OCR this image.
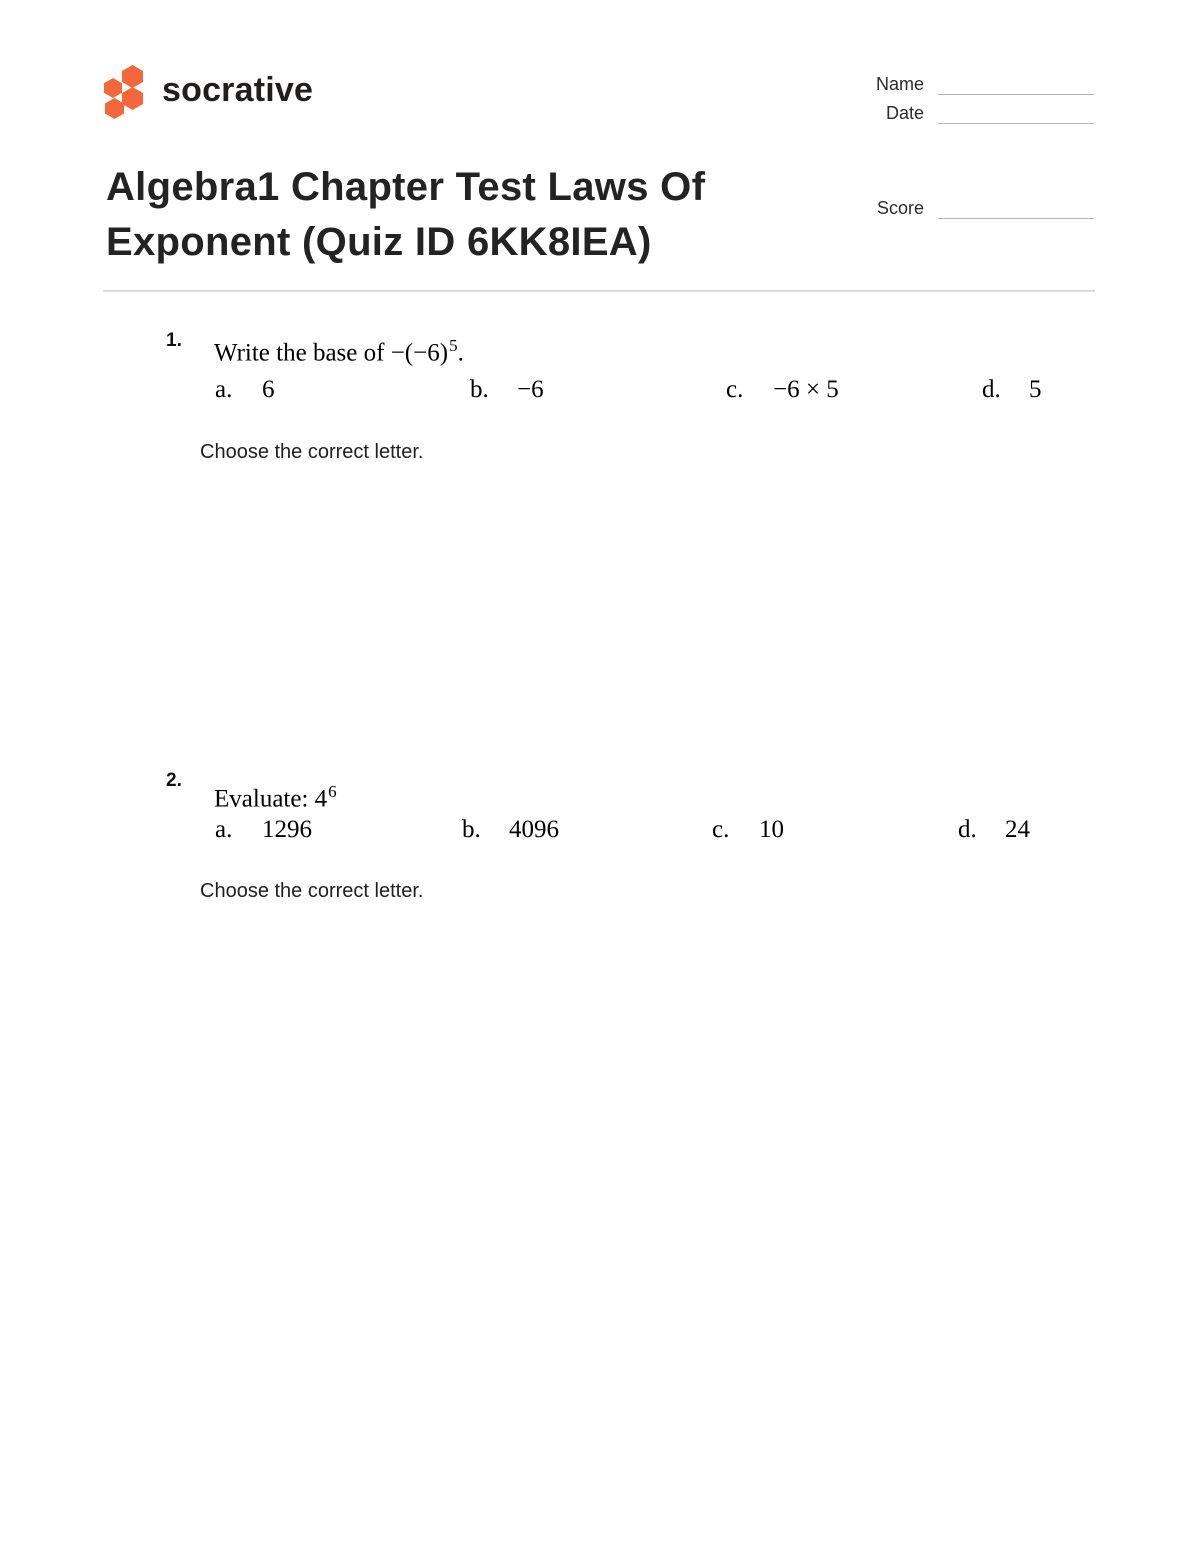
socrative	Name
Date
Score
Algebra1 Chapter Test Laws Of Exponent (Quiz ID 6KK8IEA)
1. Write the base of $-(-6)^5$.
a. 6	b. −6	c. −6 × 5	d. 5
Choose the correct letter.
2.
Evaluate: $4^6$
a. 1296	b. 4096	c. 10	d. 24
Choose the correct letter.
